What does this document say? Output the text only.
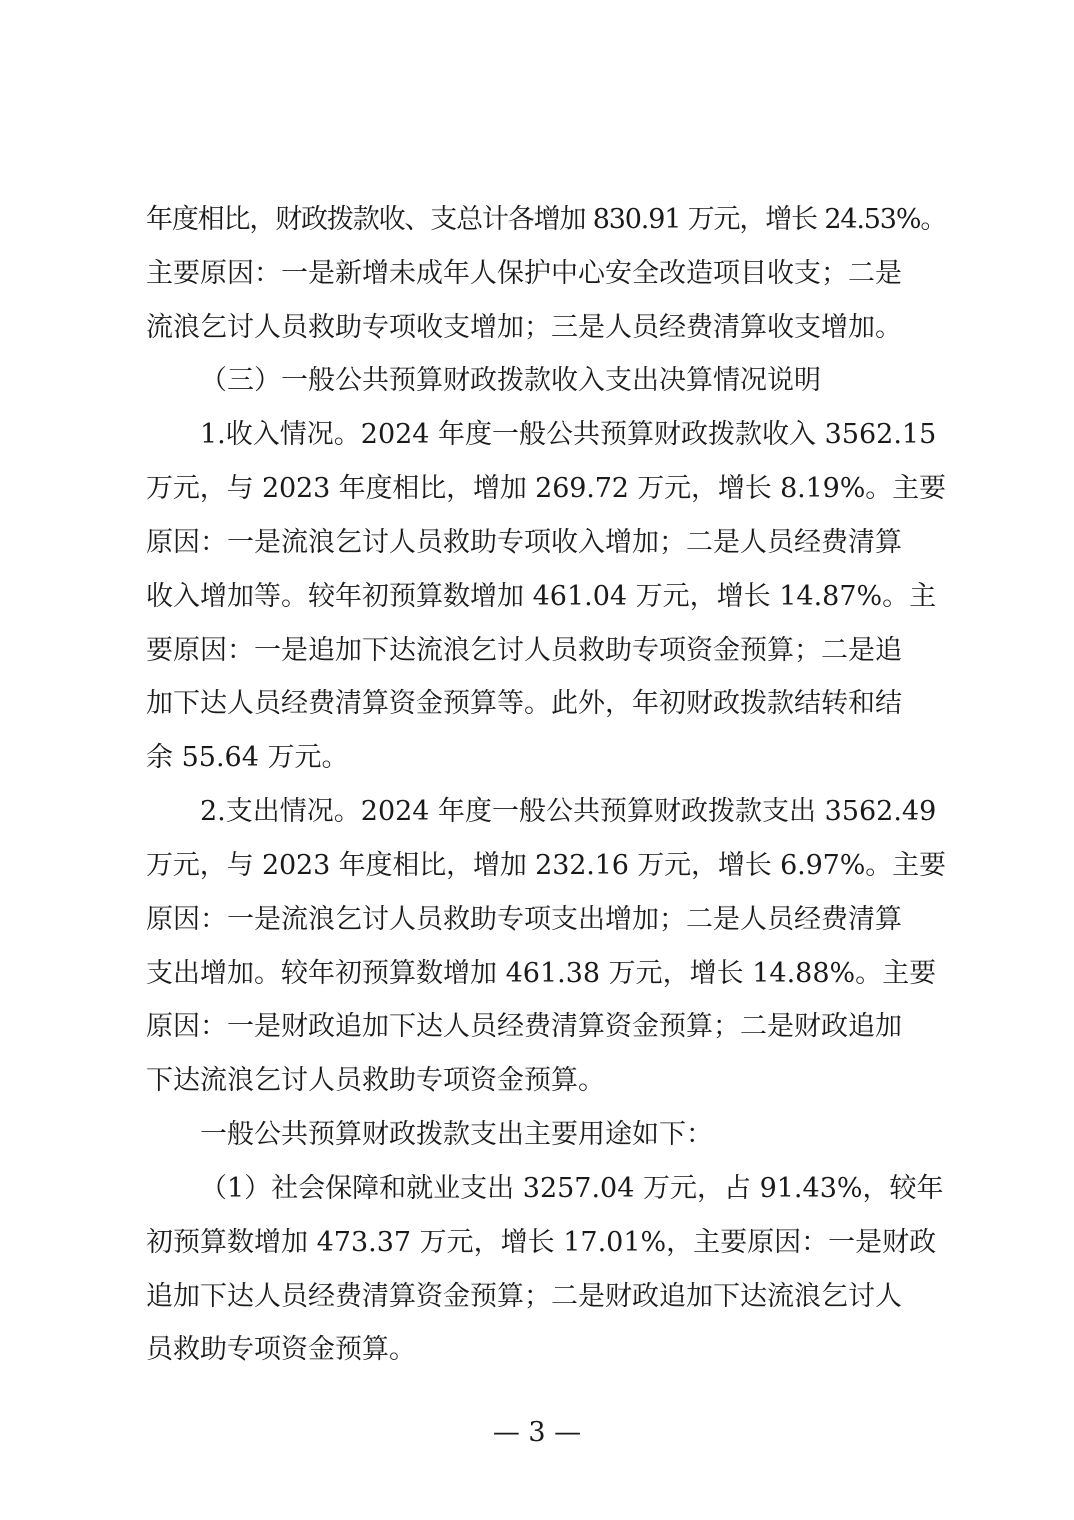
年度相比，财政拨款收、支总计各增加 830.91 万元，增长 24.53%。
主要原因：一是新增未成年人保护中心安全改造项目收支；二是
流浪乞讨人员救助专项收支增加；三是人员经费清算收支增加。
（三）一般公共预算财政拨款收入支出决算情况说明
1.收入情况。2024 年度一般公共预算财政拨款收入 3562.15
万元，与 2023 年度相比，增加 269.72 万元，增长 8.19%。主要
原因：一是流浪乞讨人员救助专项收入增加；二是人员经费清算
收入增加等。较年初预算数增加 461.04 万元，增长 14.87%。主
要原因：一是追加下达流浪乞讨人员救助专项资金预算；二是追
加下达人员经费清算资金预算等。此外，年初财政拨款结转和结
余 55.64 万元。
2.支出情况。2024 年度一般公共预算财政拨款支出 3562.49
万元，与 2023 年度相比，增加 232.16 万元，增长 6.97%。主要
原因：一是流浪乞讨人员救助专项支出增加；二是人员经费清算
支出增加。较年初预算数增加 461.38 万元，增长 14.88%。主要
原因：一是财政追加下达人员经费清算资金预算；二是财政追加
下达流浪乞讨人员救助专项资金预算。
一般公共预算财政拨款支出主要用途如下：
（1）社会保障和就业支出 3257.04 万元，占 91.43%，较年
初预算数增加 473.37 万元，增长 17.01%，主要原因：一是财政
追加下达人员经费清算资金预算；二是财政追加下达流浪乞讨人
员救助专项资金预算。
— 3 —
